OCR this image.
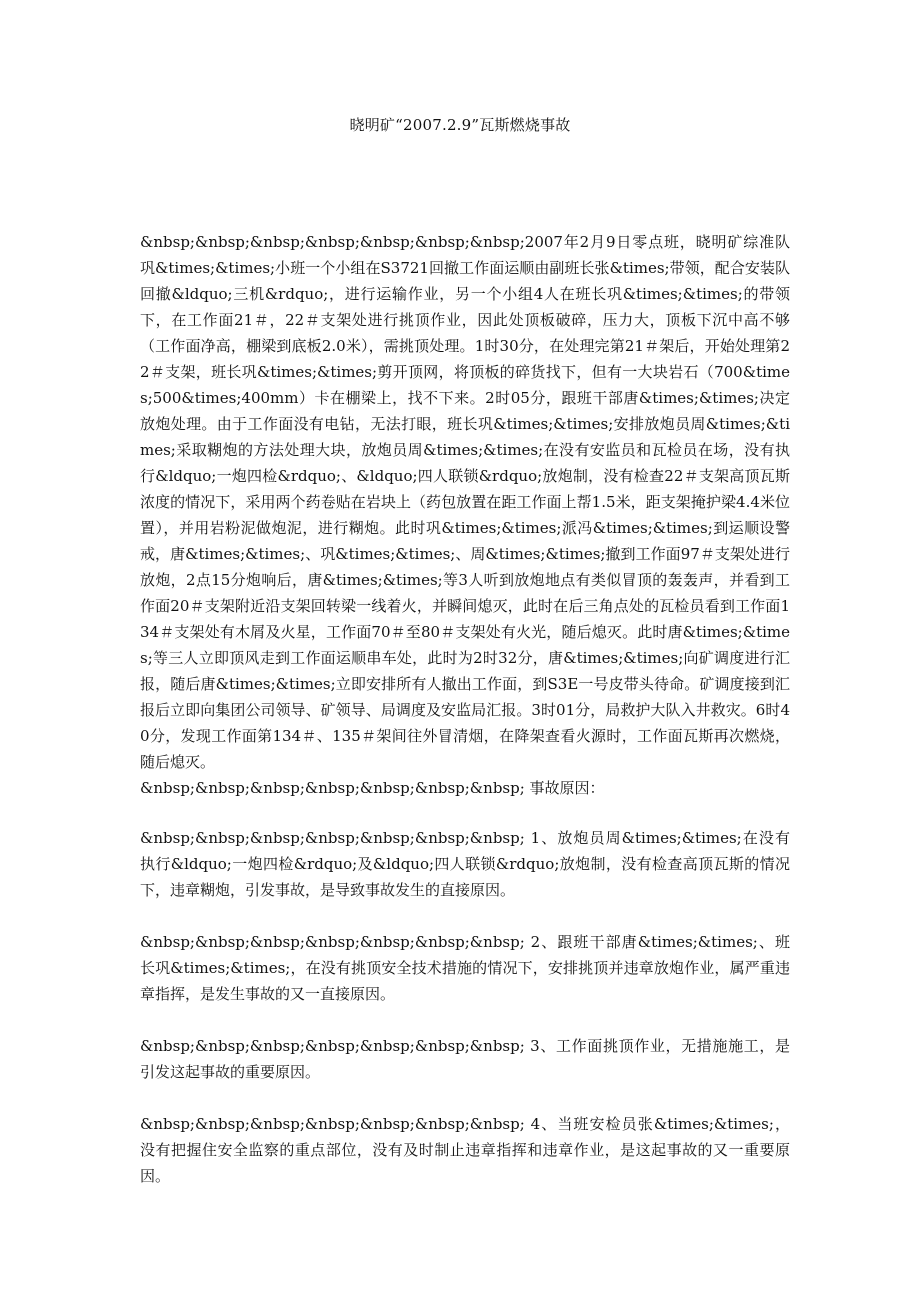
晓明矿“2007.2.9”瓦斯燃烧事故
&nbsp;&nbsp;&nbsp;&nbsp;&nbsp;&nbsp;&nbsp;2007年2月9日零点班，晓明矿综准队巩&times;&times;小班一个小组在S3721回撤工作面运顺由副班长张&times;带领，配合安装队回撤&ldquo;三机&rdquo;，进行运输作业，另一个小组4人在班长巩&times;&times;的带领下，在工作面21＃，22＃支架处进行挑顶作业，因此处顶板破碎，压力大，顶板下沉中高不够（工作面净高，棚梁到底板2.0米），需挑顶处理。1时30分，在处理完第21＃架后，开始处理第22＃支架，班长巩&times;&times;剪开顶网，将顶板的碎货找下，但有一大块岩石（700&times;500&times;400mm）卡在棚梁上，找不下来。2时05分，跟班干部唐&times;&times;决定放炮处理。由于工作面没有电钻，无法打眼，班长巩&times;&times;安排放炮员周&times;&times;采取糊炮的方法处理大块，放炮员周&times;&times;在没有安监员和瓦检员在场，没有执行&ldquo;一炮四检&rdquo;、&ldquo;四人联锁&rdquo;放炮制，没有检查22＃支架高顶瓦斯浓度的情况下，采用两个药卷贴在岩块上（药包放置在距工作面上帮1.5米，距支架掩护梁4.4米位置），并用岩粉泥做炮泥，进行糊炮。此时巩&times;&times;派冯&times;&times;到运顺设警戒，唐&times;&times;、巩&times;&times;、周&times;&times;撤到工作面97＃支架处进行放炮，2点15分炮响后，唐&times;&times;等3人听到放炮地点有类似冒顶的轰轰声，并看到工作面20＃支架附近沿支架回转梁一线着火，并瞬间熄灭，此时在后三角点处的瓦检员看到工作面134＃支架处有木屑及火星，工作面70＃至80＃支架处有火光，随后熄灭。此时唐&times;&times;等三人立即顶风走到工作面运顺串车处，此时为2时32分，唐&times;&times;向矿调度进行汇报，随后唐&times;&times;立即安排所有人撤出工作面，到S3E一号皮带头待命。矿调度接到汇报后立即向集团公司领导、矿领导、局调度及安监局汇报。3时01分，局救护大队入井救灾。6时40分，发现工作面第134＃、135＃架间往外冒清烟，在降架查看火源时，工作面瓦斯再次燃烧，随后熄灭。
&nbsp;&nbsp;&nbsp;&nbsp;&nbsp;&nbsp;&nbsp; 事故原因：
&nbsp;&nbsp;&nbsp;&nbsp;&nbsp;&nbsp;&nbsp; 1、放炮员周&times;&times;在没有执行&ldquo;一炮四检&rdquo;及&ldquo;四人联锁&rdquo;放炮制，没有检查高顶瓦斯的情况下，违章糊炮，引发事故，是导致事故发生的直接原因。
&nbsp;&nbsp;&nbsp;&nbsp;&nbsp;&nbsp;&nbsp; 2、跟班干部唐&times;&times;、班长巩&times;&times;，在没有挑顶安全技术措施的情况下，安排挑顶并违章放炮作业，属严重违章指挥，是发生事故的又一直接原因。
&nbsp;&nbsp;&nbsp;&nbsp;&nbsp;&nbsp;&nbsp; 3、工作面挑顶作业，无措施施工，是引发这起事故的重要原因。
&nbsp;&nbsp;&nbsp;&nbsp;&nbsp;&nbsp;&nbsp; 4、当班安检员张&times;&times;，没有把握住安全监察的重点部位，没有及时制止违章指挥和违章作业，是这起事故的又一重要原因。
